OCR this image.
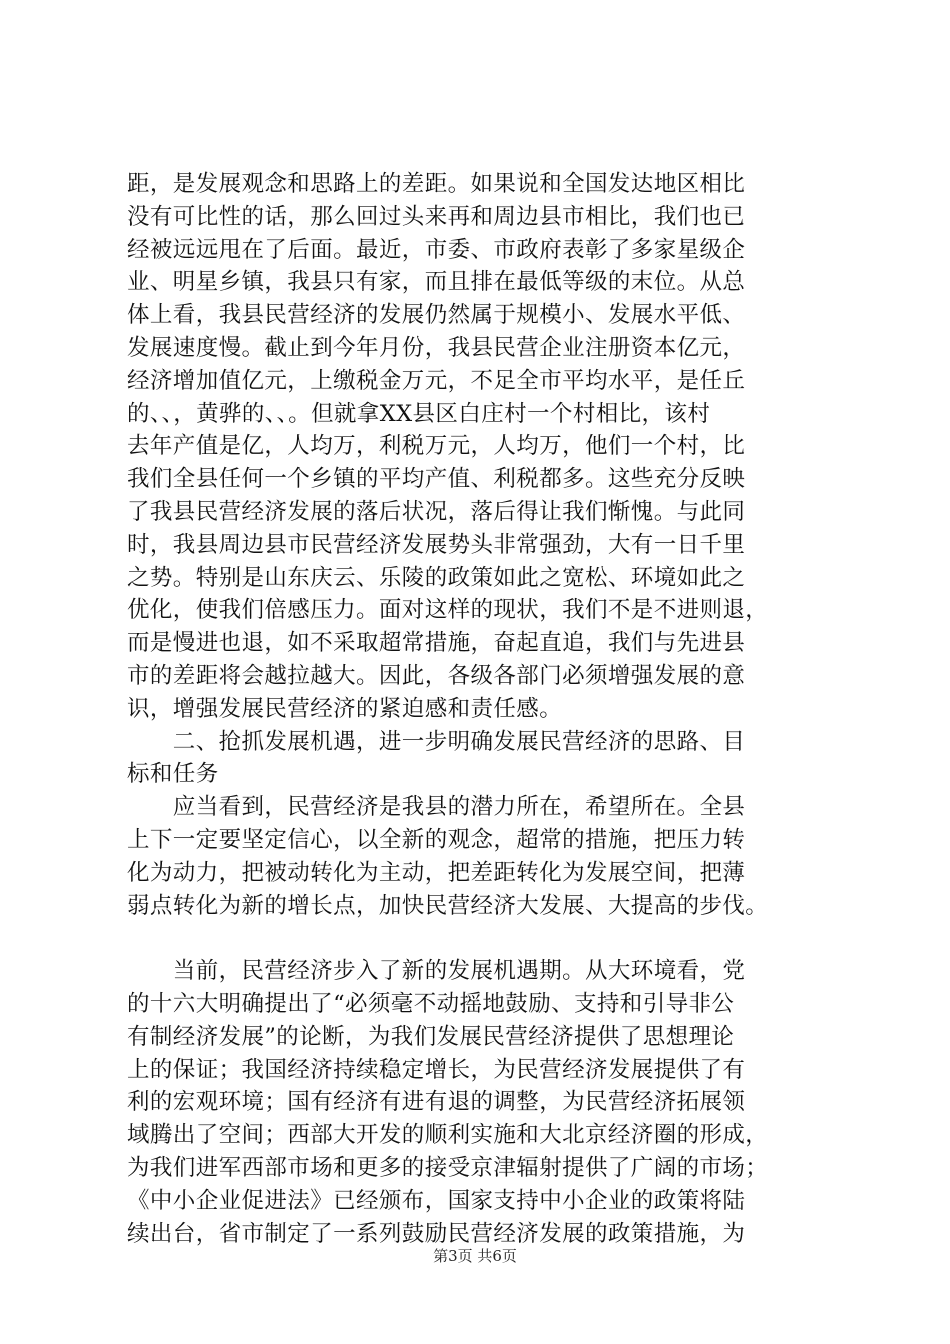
距，是发展观念和思路上的差距。如果说和全国发达地区相比
没有可比性的话，那么回过头来再和周边县市相比，我们也已
经被远远甩在了后面。最近，市委、市政府表彰了多家星级企
业、明星乡镇，我县只有家，而且排在最低等级的末位。从总
体上看，我县民营经济的发展仍然属于规模小、发展水平低、
发展速度慢。截止到今年月份，我县民营企业注册资本亿元，
经济增加值亿元，上缴税金万元，不足全市平均水平，是任丘
的、、，黄骅的、、。但就拿XX县区白庄村一个村相比，该村
去年产值是亿，人均万，利税万元，人均万，他们一个村，比
我们全县任何一个乡镇的平均产值、利税都多。这些充分反映
了我县民营经济发展的落后状况，落后得让我们惭愧。与此同
时，我县周边县市民营经济发展势头非常强劲，大有一日千里
之势。特别是山东庆云、乐陵的政策如此之宽松、环境如此之
优化，使我们倍感压力。面对这样的现状，我们不是不进则退，
而是慢进也退，如不采取超常措施，奋起直追，我们与先进县
市的差距将会越拉越大。因此，各级各部门必须增强发展的意
识，增强发展民营经济的紧迫感和责任感。
　　二、抢抓发展机遇，进一步明确发展民营经济的思路、目
标和任务
　　应当看到，民营经济是我县的潜力所在，希望所在。全县
上下一定要坚定信心，以全新的观念，超常的措施，把压力转
化为动力，把被动转化为主动，把差距转化为发展空间，把薄
弱点转化为新的增长点，加快民营经济大发展、大提高的步伐。
　　当前，民营经济步入了新的发展机遇期。从大环境看，党
的十六大明确提出了“必须毫不动摇地鼓励、支持和引导非公
有制经济发展”的论断，为我们发展民营经济提供了思想理论
上的保证；我国经济持续稳定增长，为民营经济发展提供了有
利的宏观环境；国有经济有进有退的调整，为民营经济拓展领
域腾出了空间；西部大开发的顺利实施和大北京经济圈的形成，
为我们进军西部市场和更多的接受京津辐射提供了广阔的市场；
《中小企业促进法》已经颁布，国家支持中小企业的政策将陆
续出台，省市制定了一系列鼓励民营经济发展的政策措施，为
第3页 共6页
